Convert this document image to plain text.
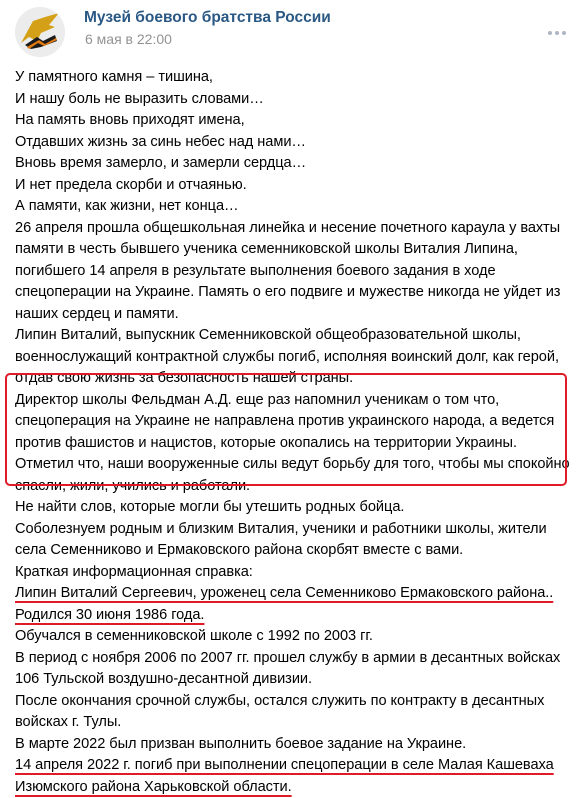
Музей боевого братства России
6 мая в 22:00
У памятного камня – тишина,
И нашу боль не выразить словами…
На память вновь приходят имена,
Отдавших жизнь за синь небес над нами…
Вновь время замерло, и замерли сердца…
И нет предела скорби и отчаянью.
А памяти, как жизни, нет конца…
26 апреля прошла общешкольная линейка и несение почетного караула у вахты
памяти в честь бывшего ученика семенниковской школы Виталия Липина,
погибшего 14 апреля в результате выполнения боевого задания в ходе
спецоперации на Украине. Память о его подвиге и мужестве никогда не уйдет из
наших сердец и памяти.
Липин Виталий, выпускник Семенниковской общеобразовательной школы,
военнослужащий контрактной службы погиб, исполняя воинский долг, как герой,
отдав свою жизнь за безопасность нашей страны.
Директор школы Фельдман А.Д. еще раз напомнил ученикам о том что,
спецоперация на Украине не направлена против украинского народа, а ведется
против фашистов и нацистов, которые окопались на территории Украины.
Отметил что, наши вооруженные силы ведут борьбу для того, чтобы мы спокойно
спасли, жили, учились и работали.
Не найти слов, которые могли бы утешить родных бойца.
Соболезнуем родным и близким Виталия, ученики и работники школы, жители
села Семенниково и Ермаковского района скорбят вместе с вами.
Краткая информационная справка:
Липин Виталий Сергеевич, уроженец села Семенниково Ермаковского района..
Родился 30 июня 1986 года.
Обучался в семенниковской школе с 1992 по 2003 гг.
В период с ноября 2006 по 2007 гг. прошел службу в армии в десантных войсках
106 Тульской воздушно-десантной дивизии.
После окончания срочной службы, остался служить по контракту в десантных
войсках г. Тулы.
В марте 2022 был призван выполнить боевое задание на Украине.
14 апреля 2022 г. погиб при выполнении спецоперации в селе Малая Кашеваха
Изюмского района Харьковской области.
